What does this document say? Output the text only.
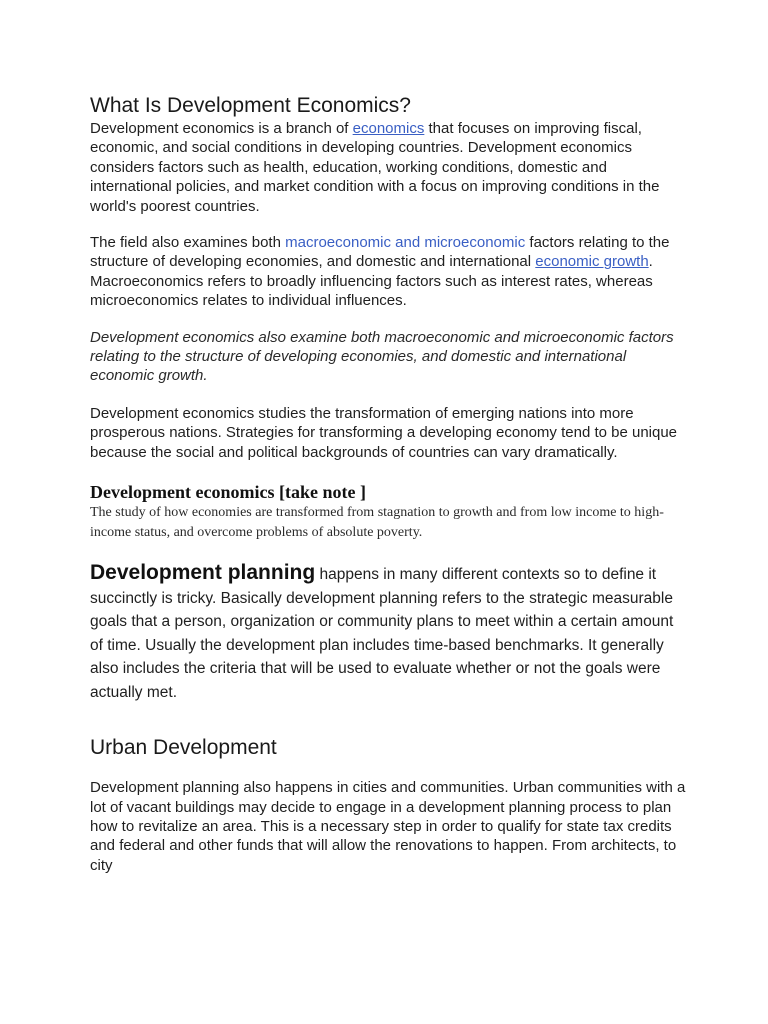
What Is Development Economics?

Development economics is a branch of economics that focuses on improving fiscal, economic, and social conditions in developing countries. Development economics considers factors such as health, education, working conditions, domestic and international policies, and market condition with a focus on improving conditions in the world's poorest countries.

The field also examines both macroeconomic and microeconomic factors relating to the structure of developing economies, and domestic and international economic growth. Macroeconomics refers to broadly influencing factors such as interest rates, whereas microeconomics relates to individual influences.

Development economics also examine both macroeconomic and microeconomic factors relating to the structure of developing economies, and domestic and international economic growth.

Development economics studies the transformation of emerging nations into more prosperous nations. Strategies for transforming a developing economy tend to be unique because the social and political backgrounds of countries can vary dramatically.

Development economics [take note ]

The study of how economies are transformed from stagnation to growth and from low income to high-income status, and overcome problems of absolute poverty.

Development planning happens in many different contexts so to define it succinctly is tricky. Basically development planning refers to the strategic measurable goals that a person, organization or community plans to meet within a certain amount of time. Usually the development plan includes time-based benchmarks. It generally also includes the criteria that will be used to evaluate whether or not the goals were actually met.

Urban Development

Development planning also happens in cities and communities. Urban communities with a lot of vacant buildings may decide to engage in a development planning process to plan how to revitalize an area. This is a necessary step in order to qualify for state tax credits and federal and other funds that will allow the renovations to happen. From architects, to city
